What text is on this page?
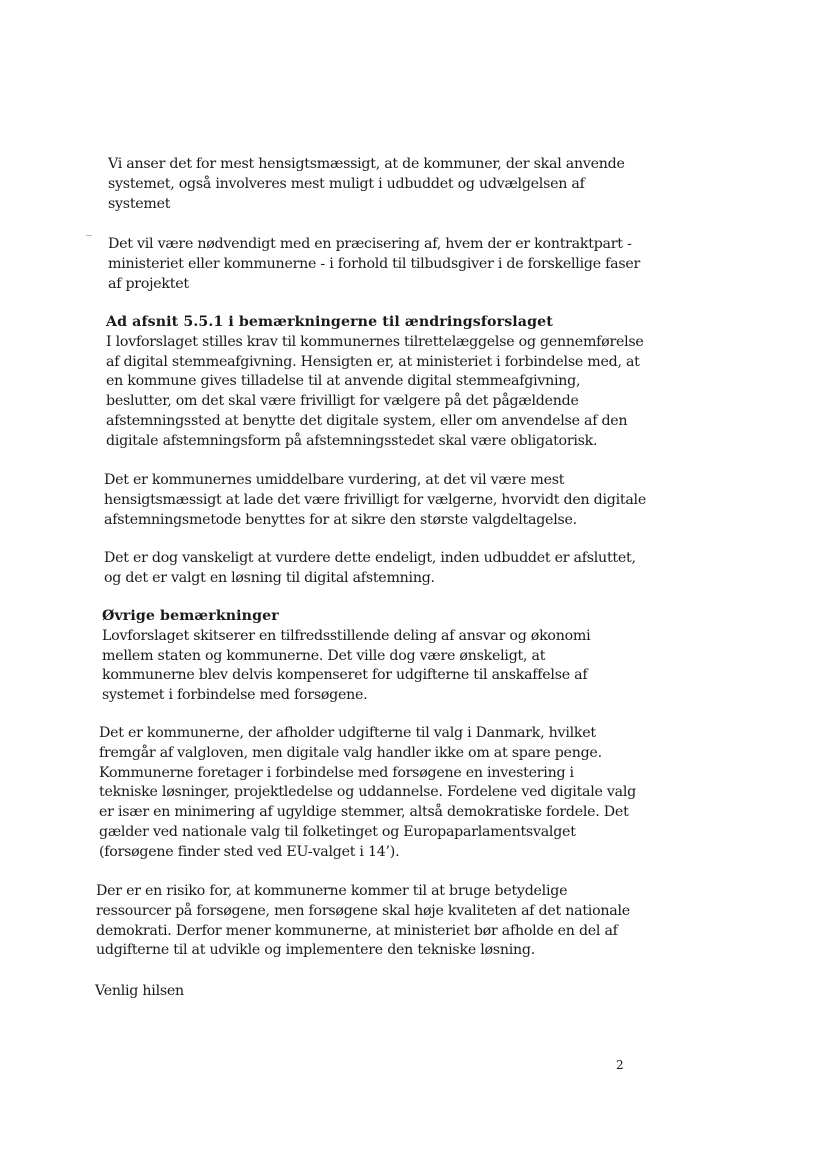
Vi anser det for mest hensigtsmæssigt, at de kommuner, der skal anvende
systemet, også involveres mest muligt i udbuddet og udvælgelsen af
systemet

Det vil være nødvendigt med en præcisering af, hvem der er kontraktpart -
ministeriet eller kommunerne - i forhold til tilbudsgiver i de forskellige faser
af projektet

Ad afsnit 5.5.1 i bemærkningerne til ændringsforslaget
I lovforslaget stilles krav til kommunernes tilrettelæggelse og gennemførelse
af digital stemmeafgivning. Hensigten er, at ministeriet i forbindelse med, at
en kommune gives tilladelse til at anvende digital stemmeafgivning,
beslutter, om det skal være frivilligt for vælgere på det pågældende
afstemningssted at benytte det digitale system, eller om anvendelse af den
digitale afstemningsform på afstemningsstedet skal være obligatorisk.

Det er kommunernes umiddelbare vurdering, at det vil være mest
hensigtsmæssigt at lade det være frivilligt for vælgerne, hvorvidt den digitale
afstemningsmetode benyttes for at sikre den største valgdeltagelse.

Det er dog vanskeligt at vurdere dette endeligt, inden udbuddet er afsluttet,
og det er valgt en løsning til digital afstemning.

Øvrige bemærkninger
Lovforslaget skitserer en tilfredsstillende deling af ansvar og økonomi
mellem staten og kommunerne. Det ville dog være ønskeligt, at
kommunerne blev delvis kompenseret for udgifterne til anskaffelse af
systemet i forbindelse med forsøgene.

Det er kommunerne, der afholder udgifterne til valg i Danmark, hvilket
fremgår af valgloven, men digitale valg handler ikke om at spare penge.
Kommunerne foretager i forbindelse med forsøgene en investering i
tekniske løsninger, projektledelse og uddannelse. Fordelene ved digitale valg
er især en minimering af ugyldige stemmer, altså demokratiske fordele. Det
gælder ved nationale valg til folketinget og Europaparlamentsvalget
(forsøgene finder sted ved EU-valget i 14’).

Der er en risiko for, at kommunerne kommer til at bruge betydelige
ressourcer på forsøgene, men forsøgene skal høje kvaliteten af det nationale
demokrati. Derfor mener kommunerne, at ministeriet bør afholde en del af
udgifterne til at udvikle og implementere den tekniske løsning.

Venlig hilsen

2
